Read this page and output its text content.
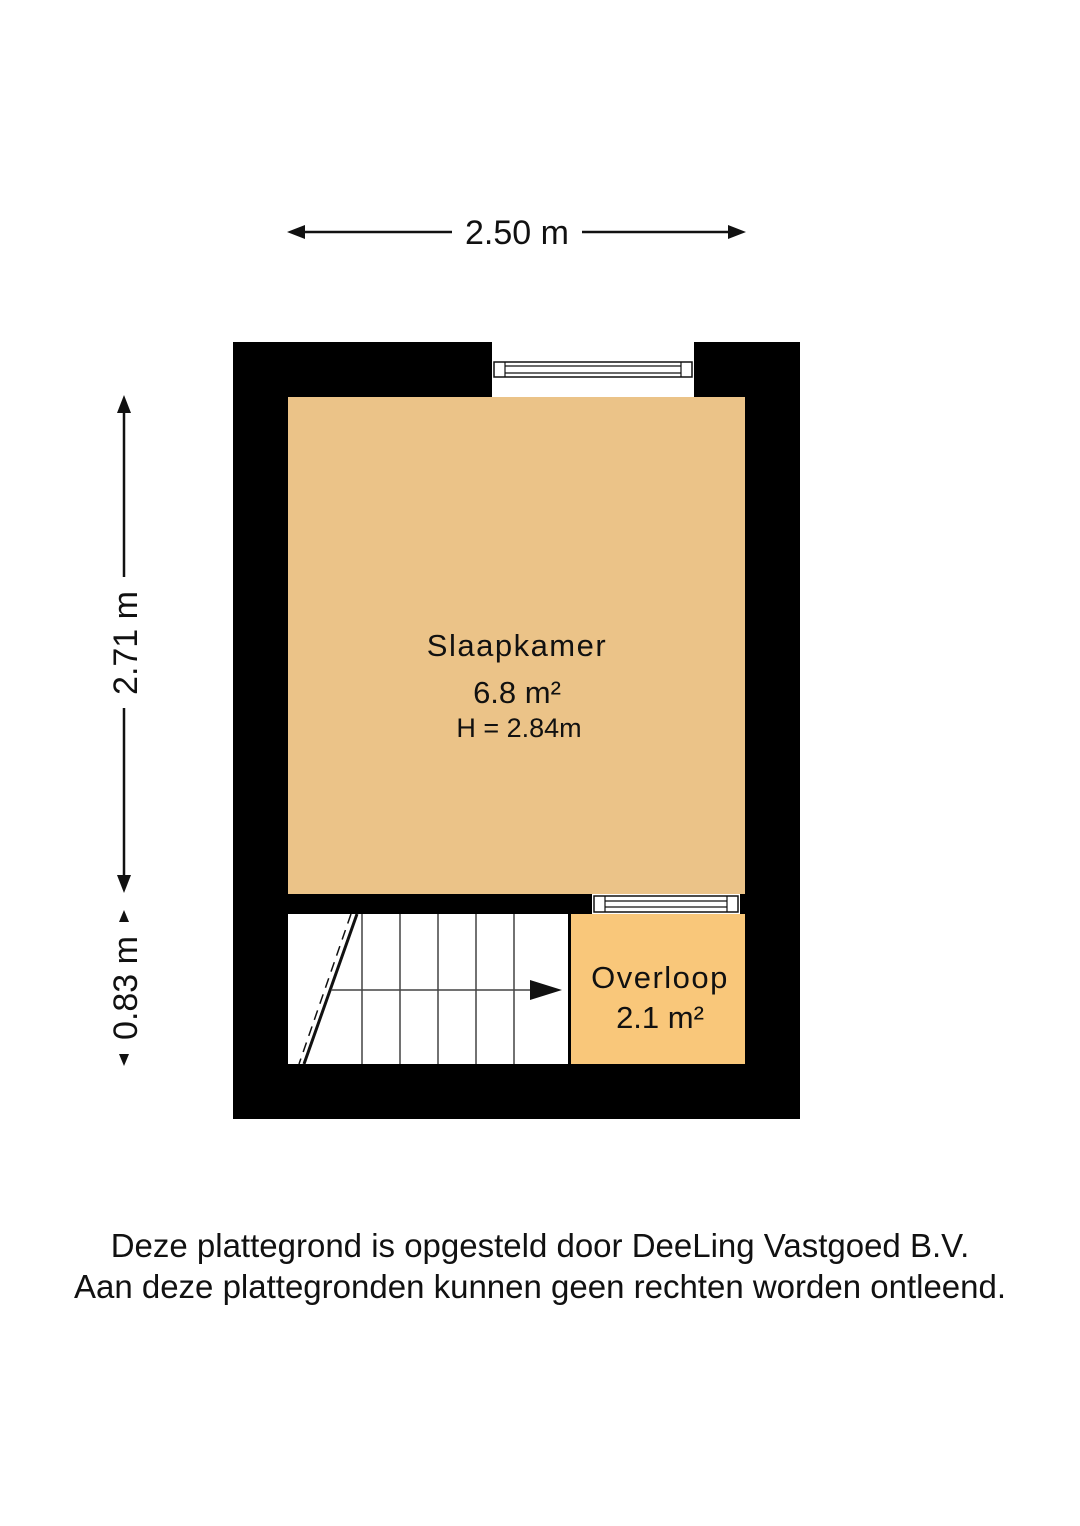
2.50 m
2.71 m
0.83 m
Slaapkamer
6.8 m²
H = 2.84m
Overloop
2.1 m²
Deze plattegrond is opgesteld door DeeLing Vastgoed B.V.
Aan deze plattegronden kunnen geen rechten worden ontleend.
